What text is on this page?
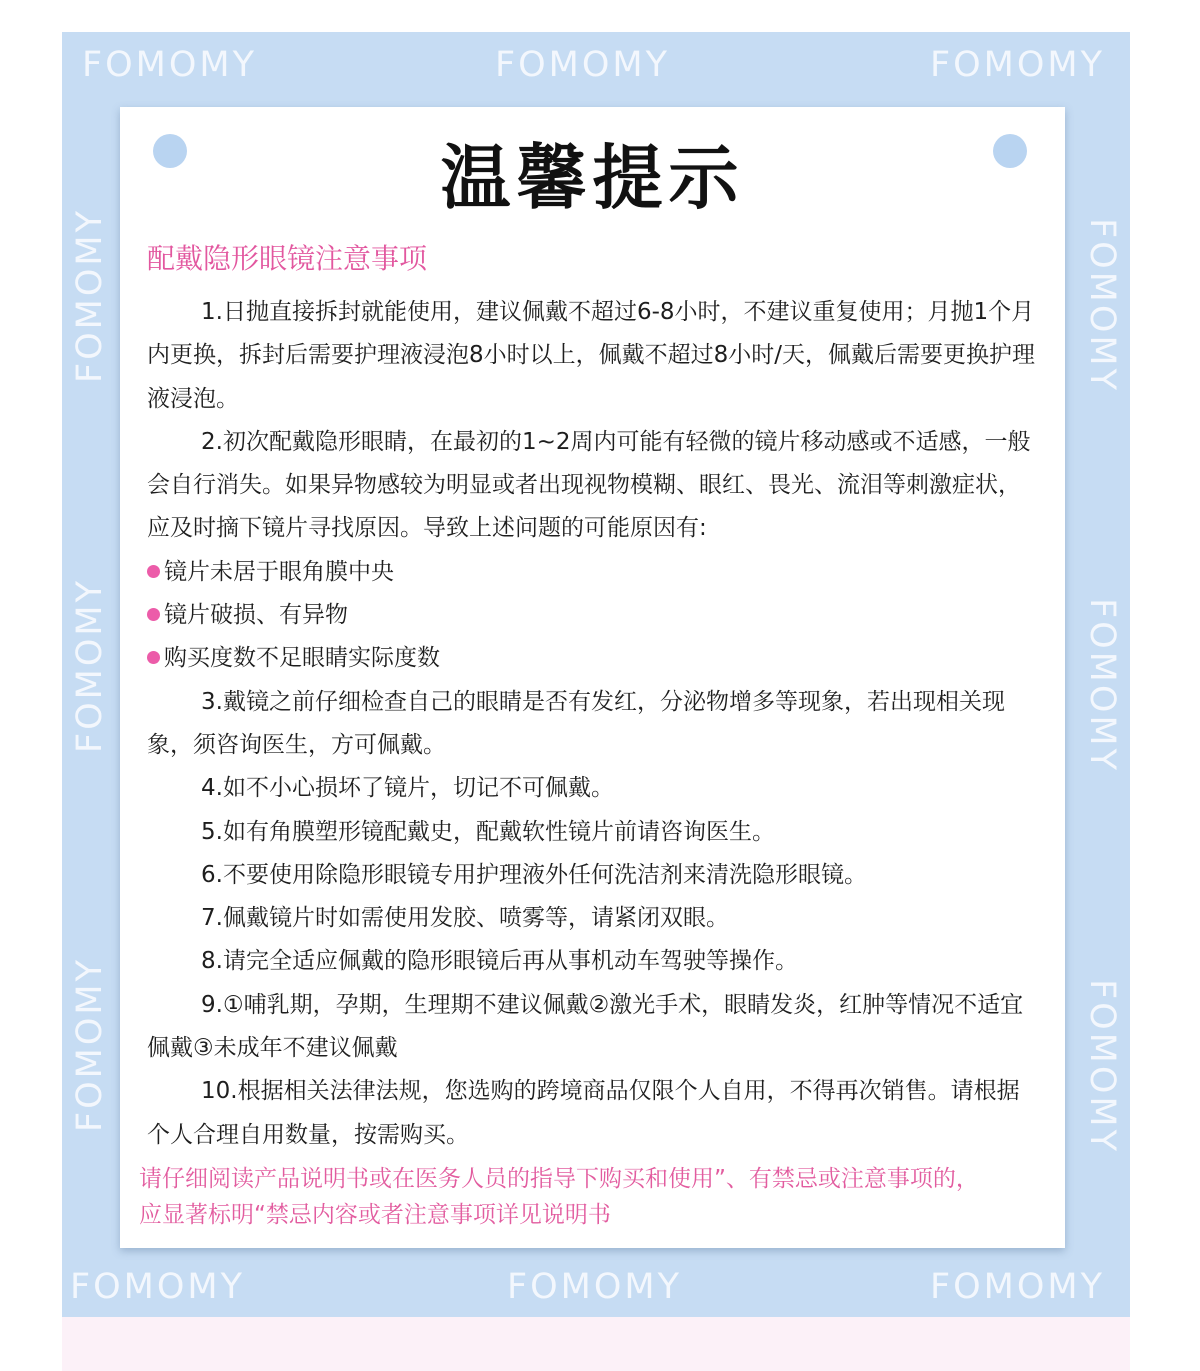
FOMOMY	FOMOMY	FOMOMY
FOMOMY
FOMOMY
FOMOMY
FOMOMY
FOMOMY
FOMOMY
FOMOMY	FOMOMY	FOMOMY
温馨提示
配戴隐形眼镜注意事项

1.日抛直接拆封就能使用，建议佩戴不超过6-8小时，不建议重复使用；月抛1个月内更换，拆封后需要护理液浸泡8小时以上，佩戴不超过8小时/天，佩戴后需要更换护理液浸泡。

2.初次配戴隐形眼睛，在最初的1~2周内可能有轻微的镜片移动感或不适感，一般会自行消失。如果异物感较为明显或者出现视物模糊、眼红、畏光、流泪等刺激症状，应及时摘下镜片寻找原因。导致上述问题的可能原因有:

镜片未居于眼角膜中央
镜片破损、有异物
购买度数不足眼睛实际度数

3.戴镜之前仔细检查自己的眼睛是否有发红，分泌物增多等现象，若出现相关现象，须咨询医生，方可佩戴。

4.如不小心损坏了镜片，切记不可佩戴。

5.如有角膜塑形镜配戴史，配戴软性镜片前请咨询医生。

6.不要使用除隐形眼镜专用护理液外任何洗洁剂来清洗隐形眼镜。

7.佩戴镜片时如需使用发胶、喷雾等，请紧闭双眼。

8.请完全适应佩戴的隐形眼镜后再从事机动车驾驶等操作。

9.①哺乳期，孕期，生理期不建议佩戴②激光手术，眼睛发炎，红肿等情况不适宜佩戴③未成年不建议佩戴

10.根据相关法律法规，您选购的跨境商品仅限个人自用，不得再次销售。请根据个人合理自用数量，按需购买。

请仔细阅读产品说明书或在医务人员的指导下购买和使用”、有禁忌或注意事项的，
应显著标明“禁忌内容或者注意事项详见说明书
